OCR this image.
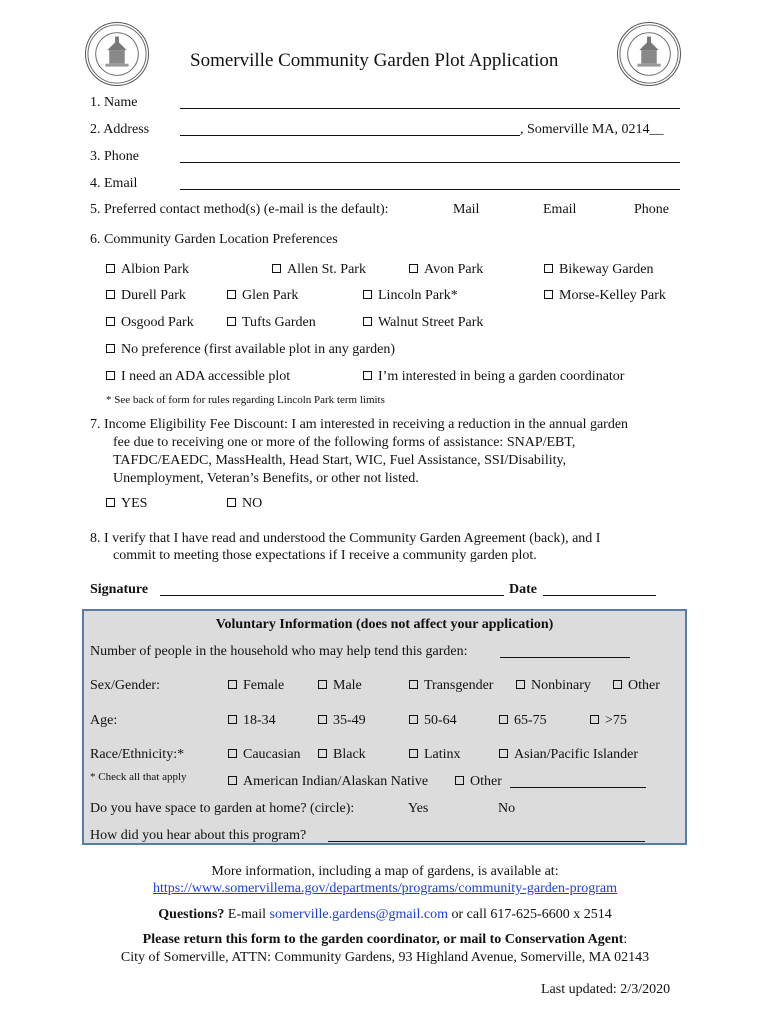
Somerville Community Garden Plot Application
1. Name
2. Address	, Somerville MA, 0214__
3. Phone
4. Email
5. Preferred contact method(s) (e-mail is the default):	Mail	Email	Phone
6. Community Garden Location Preferences
Albion Park	Allen St. Park	Avon Park	Bikeway Garden
Durell Park	Glen Park	Lincoln Park*	Morse-Kelley Park
Osgood Park	Tufts Garden	Walnut Street Park
No preference (first available plot in any garden)
I need an ADA accessible plot	I’m interested in being a garden coordinator
* See back of form for rules regarding Lincoln Park term limits
7. Income Eligibility Fee Discount: I am interested in receiving a reduction in the annual garden
fee due to receiving one or more of the following forms of assistance: SNAP/EBT,
TAFDC/EAEDC, MassHealth, Head Start, WIC, Fuel Assistance, SSI/Disability,
Unemployment, Veteran’s Benefits, or other not listed.
YES	NO
8. I verify that I have read and understood the Community Garden Agreement (back), and I
commit to meeting those expectations if I receive a community garden plot.
Signature	Date
Voluntary Information (does not affect your application)
Number of people in the household who may help tend this garden:
Sex/Gender:	Female	Male	Transgender	Nonbinary	Other
Age:	18-34	35-49	50-64	65-75	>75
Race/Ethnicity:*	Caucasian	Black	Latinx	Asian/Pacific Islander
* Check all that apply	American Indian/Alaskan Native	Other
Do you have space to garden at home? (circle):	Yes	No
How did you hear about this program?
More information, including a map of gardens, is available at:
https://www.somervillema.gov/departments/programs/community-garden-program
Questions? E-mail somerville.gardens@gmail.com or call 617-625-6600 x 2514
Please return this form to the garden coordinator, or mail to Conservation Agent:
City of Somerville, ATTN: Community Gardens, 93 Highland Avenue, Somerville, MA 02143
Last updated: 2/3/2020
